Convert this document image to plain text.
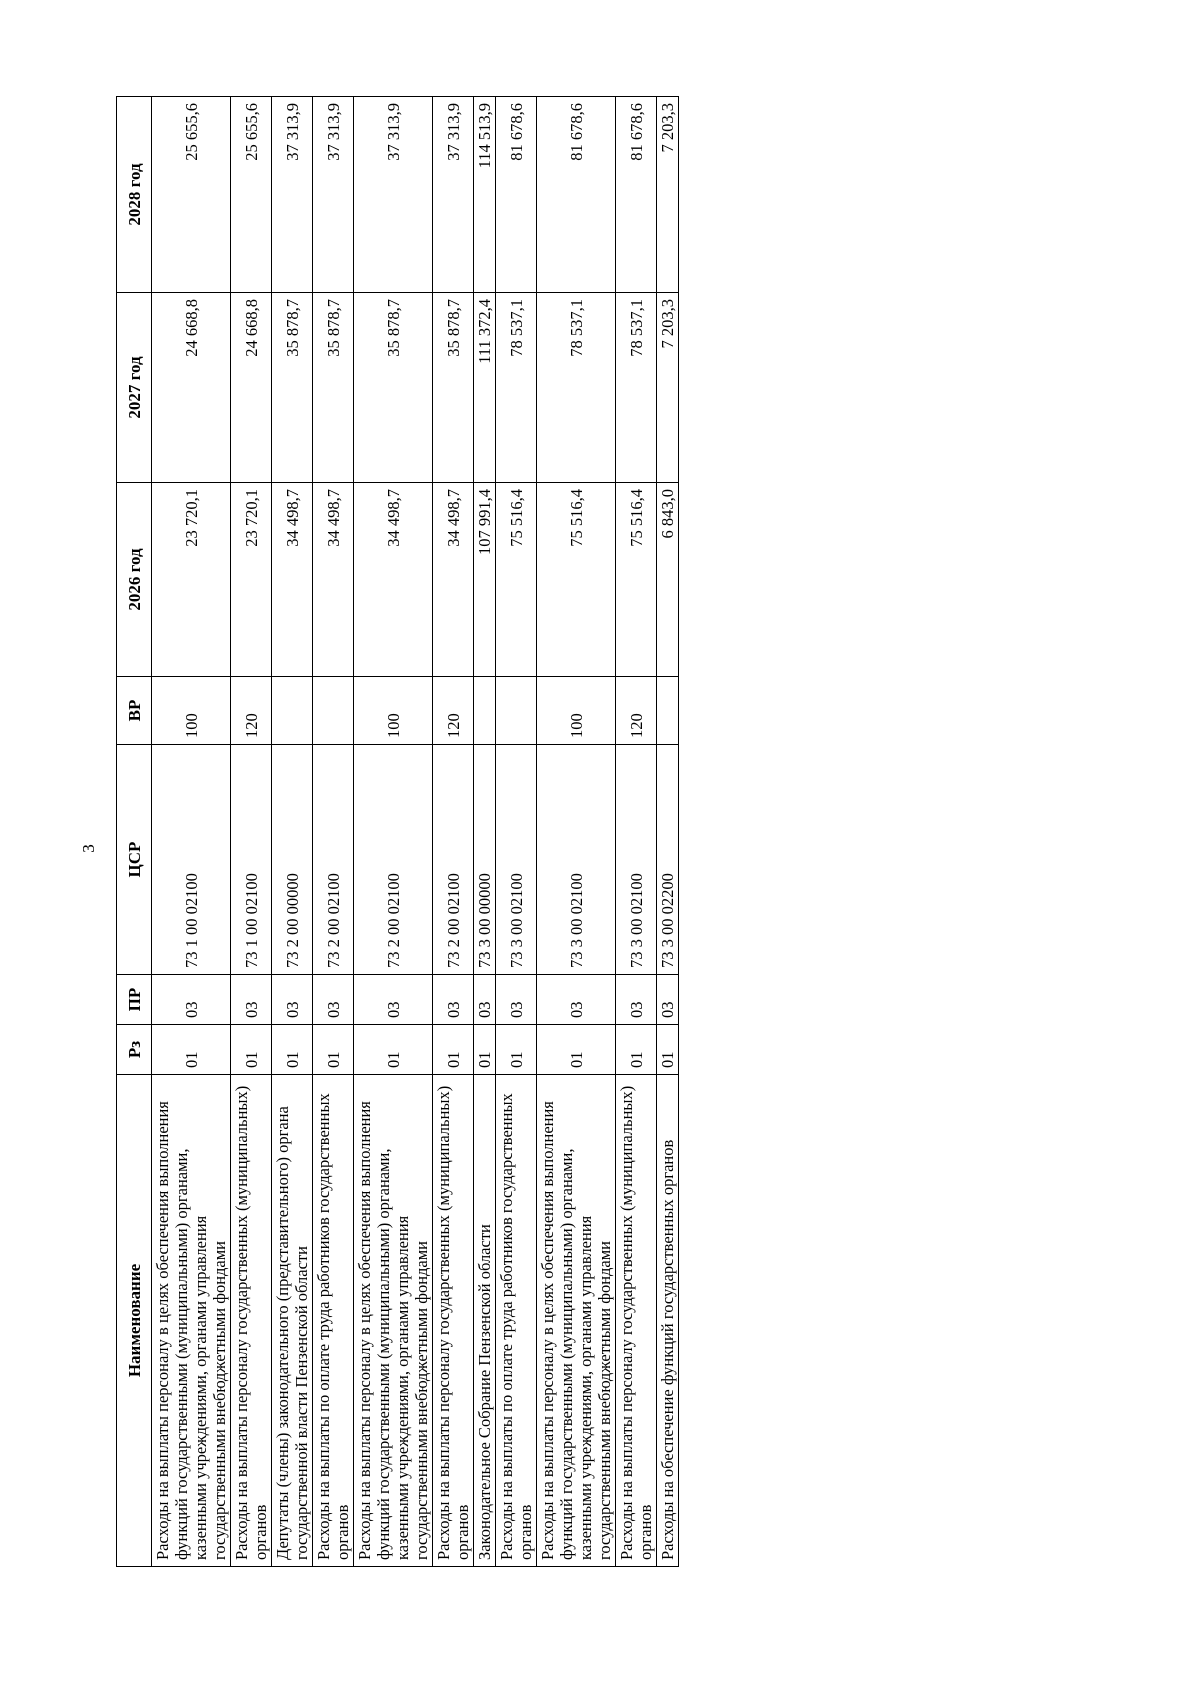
3
Наименование	Рз	ПР	ЦСР	ВР	2026 год	2027 год	2028 год
Расходы на выплаты персоналу в целях обеспечения выполнения функций государственными (муниципальными) органами, казенными учреждениями, органами управления государственными внебюджетными фондами	01	03	73 1 00 02100	100	23 720,1	24 668,8	25 655,6
Расходы на выплаты персоналу государственных (муниципальных) органов	01	03	73 1 00 02100	120	23 720,1	24 668,8	25 655,6
Депутаты (члены) законодательного (представительного) органа государственной власти Пензенской области	01	03	73 2 00 00000		34 498,7	35 878,7	37 313,9
Расходы на выплаты по оплате труда работников государственных органов	01	03	73 2 00 02100		34 498,7	35 878,7	37 313,9
Расходы на выплаты персоналу в целях обеспечения выполнения функций государственными (муниципальными) органами, казенными учреждениями, органами управления государственными внебюджетными фондами	01	03	73 2 00 02100	100	34 498,7	35 878,7	37 313,9
Расходы на выплаты персоналу государственных (муниципальных) органов	01	03	73 2 00 02100	120	34 498,7	35 878,7	37 313,9
Законодательное Собрание Пензенской области	01	03	73 3 00 00000		107 991,4	111 372,4	114 513,9
Расходы на выплаты по оплате труда работников государственных органов	01	03	73 3 00 02100		75 516,4	78 537,1	81 678,6
Расходы на выплаты персоналу в целях обеспечения выполнения функций государственными (муниципальными) органами, казенными учреждениями, органами управления государственными внебюджетными фондами	01	03	73 3 00 02100	100	75 516,4	78 537,1	81 678,6
Расходы на выплаты персоналу государственных (муниципальных) органов	01	03	73 3 00 02100	120	75 516,4	78 537,1	81 678,6
Расходы на обеспечение функций государственных органов	01	03	73 3 00 02200		6 843,0	7 203,3	7 203,3
